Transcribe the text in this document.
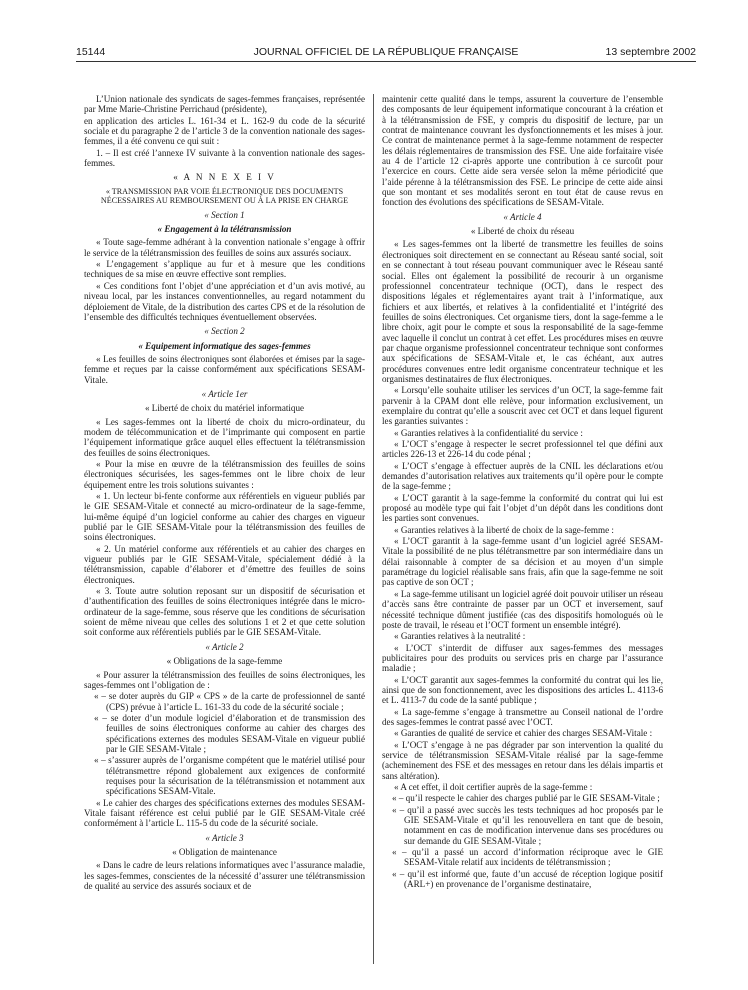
15144	JOURNAL OFFICIEL DE LA RÉPUBLIQUE FRANÇAISE	13 septembre 2002
L’Union nationale des syndicats de sages-femmes françaises, représentée par Mme Marie-Christine Perrichaud (présidente),
en application des articles L. 161-34 et L. 162-9 du code de la sécurité sociale et du paragraphe 2 de l’article 3 de la convention nationale des sages-femmes, il a été convenu ce qui suit :
1. – Il est créé l’annexe IV suivante à la convention nationale des sages-femmes.
« A N N E X E I V
« TRANSMISSION PAR VOIE ÉLECTRONIQUE DES DOCUMENTS NÉCESSAIRES AU REMBOURSEMENT OU À LA PRISE EN CHARGE
« Section 1
« Engagement à la télétransmission
« Toute sage-femme adhérant à la convention nationale s’engage à offrir le service de la télétransmission des feuilles de soins aux assurés sociaux.
« L’engagement s’applique au fur et à mesure que les conditions techniques de sa mise en œuvre effective sont remplies.
« Ces conditions font l’objet d’une appréciation et d’un avis motivé, au niveau local, par les instances conventionnelles, au regard notamment du déploiement de Vitale, de la distribution des cartes CPS et de la résolution de l’ensemble des difficultés techniques éventuellement observées.
« Section 2
« Equipement informatique des sages-femmes
« Les feuilles de soins électroniques sont élaborées et émises par la sage-femme et reçues par la caisse conformément aux spécifications SESAM-Vitale.
« Article 1er
« Liberté de choix du matériel informatique
« Les sages-femmes ont la liberté de choix du micro-ordinateur, du modem de télécommunication et de l’imprimante qui composent en partie l’équipement informatique grâce auquel elles effectuent la télétransmission des feuilles de soins électroniques.
« Pour la mise en œuvre de la télétransmission des feuilles de soins électroniques sécurisées, les sages-femmes ont le libre choix de leur équipement entre les trois solutions suivantes :
« 1. Un lecteur bi-fente conforme aux référentiels en vigueur publiés par le GIE SESAM-Vitale et connecté au micro-ordinateur de la sage-femme, lui-même équipé d’un logiciel conforme au cahier des charges en vigueur publié par le GIE SESAM-Vitale pour la télétransmission des feuilles de soins électroniques.
« 2. Un matériel conforme aux référentiels et au cahier des charges en vigueur publiés par le GIE SESAM-Vitale, spécialement dédié à la télétransmission, capable d’élaborer et d’émettre des feuilles de soins électroniques.
« 3. Toute autre solution reposant sur un dispositif de sécurisation et d’authentification des feuilles de soins électroniques intégrée dans le micro-ordinateur de la sage-femme, sous réserve que les conditions de sécurisation soient de même niveau que celles des solutions 1 et 2 et que cette solution soit conforme aux référentiels publiés par le GIE SESAM-Vitale.
« Article 2
« Obligations de la sage-femme
« Pour assurer la télétransmission des feuilles de soins électroniques, les sages-femmes ont l’obligation de :
« – se doter auprès du GIP « CPS » de la carte de professionnel de santé (CPS) prévue à l’article L. 161-33 du code de la sécurité sociale ;
« – se doter d’un module logiciel d’élaboration et de transmission des feuilles de soins électroniques conforme au cahier des charges des spécifications externes des modules SESAM-Vitale en vigueur publié par le GIE SESAM-Vitale ;
« – s’assurer auprès de l’organisme compétent que le matériel utilisé pour télétransmettre répond globalement aux exigences de conformité requises pour la sécurisation de la télétransmission et notamment aux spécifications SESAM-Vitale.
« Le cahier des charges des spécifications externes des modules SESAM-Vitale faisant référence est celui publié par le GIE SESAM-Vitale créé conformément à l’article L. 115-5 du code de la sécurité sociale.
« Article 3
« Obligation de maintenance
« Dans le cadre de leurs relations informatiques avec l’assurance maladie, les sages-femmes, conscientes de la nécessité d’assurer une télétransmission de qualité au service des assurés sociaux et de
maintenir cette qualité dans le temps, assurent la couverture de l’ensemble des composants de leur équipement informatique concourant à la création et à la télétransmission de FSE, y compris du dispositif de lecture, par un contrat de maintenance couvrant les dysfonctionnements et les mises à jour. Ce contrat de maintenance permet à la sage-femme notamment de respecter les délais réglementaires de transmission des FSE. Une aide forfaitaire visée au 4 de l’article 12 ci-après apporte une contribution à ce surcoût pour l’exercice en cours. Cette aide sera versée selon la même périodicité que l’aide pérenne à la télétransmission des FSE. Le principe de cette aide ainsi que son montant et ses modalités seront en tout état de cause revus en fonction des évolutions des spécifications de SESAM-Vitale.
« Article 4
« Liberté de choix du réseau
« Les sages-femmes ont la liberté de transmettre les feuilles de soins électroniques soit directement en se connectant au Réseau santé social, soit en se connectant à tout réseau pouvant communiquer avec le Réseau santé social. Elles ont également la possibilité de recourir à un organisme professionnel concentrateur technique (OCT), dans le respect des dispositions légales et réglementaires ayant trait à l’informatique, aux fichiers et aux libertés, et relatives à la confidentialité et l’intégrité des feuilles de soins électroniques. Cet organisme tiers, dont la sage-femme a le libre choix, agit pour le compte et sous la responsabilité de la sage-femme avec laquelle il conclut un contrat à cet effet. Les procédures mises en œuvre par chaque organisme professionnel concentrateur technique sont conformes aux spécifications de SESAM-Vitale et, le cas échéant, aux autres procédures convenues entre ledit organisme concentrateur technique et les organismes destinataires de flux électroniques.
« Lorsqu’elle souhaite utiliser les services d’un OCT, la sage-femme fait parvenir à la CPAM dont elle relève, pour information exclusivement, un exemplaire du contrat qu’elle a souscrit avec cet OCT et dans lequel figurent les garanties suivantes :
« Garanties relatives à la confidentialité du service :
« L’OCT s’engage à respecter le secret professionnel tel que défini aux articles 226-13 et 226-14 du code pénal ;
« L’OCT s’engage à effectuer auprès de la CNIL les déclarations et/ou demandes d’autorisation relatives aux traitements qu’il opère pour le compte de la sage-femme ;
« L’OCT garantit à la sage-femme la conformité du contrat qui lui est proposé au modèle type qui fait l’objet d’un dépôt dans les conditions dont les parties sont convenues.
« Garanties relatives à la liberté de choix de la sage-femme :
« L’OCT garantit à la sage-femme usant d’un logiciel agréé SESAM-Vitale la possibilité de ne plus télétransmettre par son intermédiaire dans un délai raisonnable à compter de sa décision et au moyen d’un simple paramétrage du logiciel réalisable sans frais, afin que la sage-femme ne soit pas captive de son OCT ;
« La sage-femme utilisant un logiciel agréé doit pouvoir utiliser un réseau d’accès sans être contrainte de passer par un OCT et inversement, sauf nécessité technique dûment justifiée (cas des dispositifs homologués où le poste de travail, le réseau et l’OCT forment un ensemble intégré).
« Garanties relatives à la neutralité :
« L’OCT s’interdit de diffuser aux sages-femmes des messages publicitaires pour des produits ou services pris en charge par l’assurance maladie ;
« L’OCT garantit aux sages-femmes la conformité du contrat qui les lie, ainsi que de son fonctionnement, avec les dispositions des articles L. 4113-6 et L. 4113-7 du code de la santé publique ;
« La sage-femme s’engage à transmettre au Conseil national de l’ordre des sages-femmes le contrat passé avec l’OCT.
« Garanties de qualité de service et cahier des charges SESAM-Vitale :
« L’OCT s’engage à ne pas dégrader par son intervention la qualité du service de télétransmission SESAM-Vitale réalisé par la sage-femme (acheminement des FSE et des messages en retour dans les délais impartis et sans altération).
« A cet effet, il doit certifier auprès de la sage-femme :
« – qu’il respecte le cahier des charges publié par le GIE SESAM-Vitale ;
« – qu’il a passé avec succès les tests techniques ad hoc proposés par le GIE SESAM-Vitale et qu’il les renouvellera en tant que de besoin, notamment en cas de modification intervenue dans ses procédures ou sur demande du GIE SESAM-Vitale ;
« – qu’il a passé un accord d’information réciproque avec le GIE SESAM-Vitale relatif aux incidents de télétransmission ;
« – qu’il est informé que, faute d’un accusé de réception logique positif (ARL+) en provenance de l’organisme destinataire,
